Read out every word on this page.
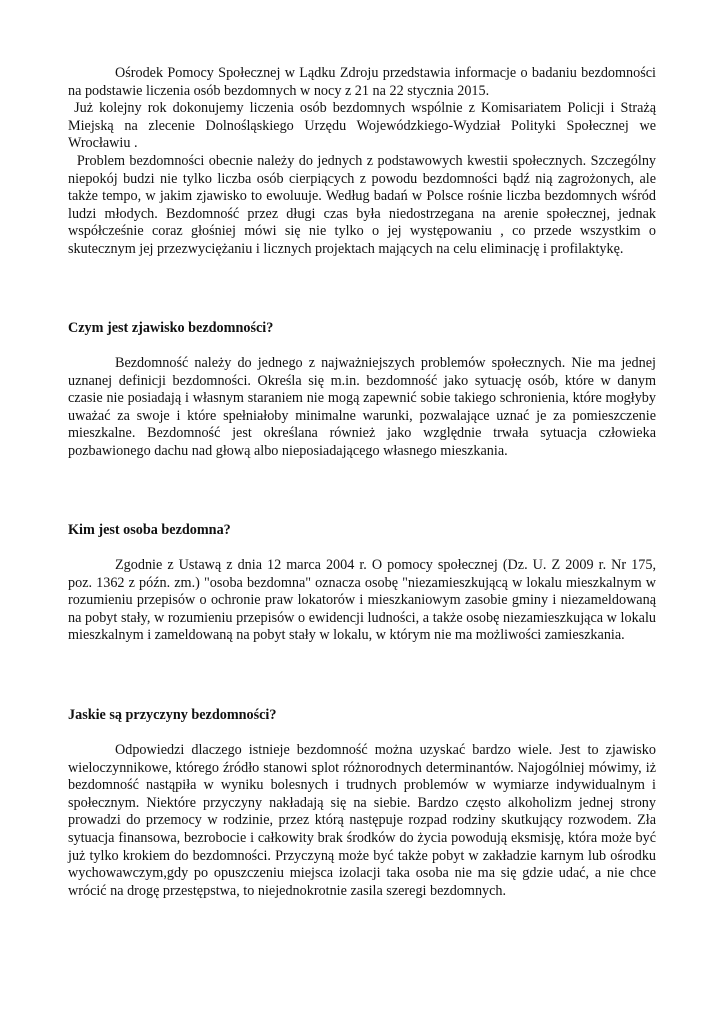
Ośrodek Pomocy Społecznej w Lądku Zdroju przedstawia informacje o badaniu bezdomności na podstawie liczenia osób bezdomnych w nocy z 21 na 22 stycznia 2015.

Już kolejny rok dokonujemy liczenia osób bezdomnych wspólnie z Komisariatem Policji i Strażą Miejską na zlecenie Dolnośląskiego Urzędu Wojewódzkiego-Wydział Polityki Społecznej we Wrocławiu .

Problem bezdomności obecnie należy do jednych z podstawowych kwestii społecznych. Szczególny niepokój budzi nie tylko liczba osób cierpiących z powodu bezdomności bądź nią zagrożonych, ale także tempo, w jakim zjawisko to ewoluuje. Według badań w Polsce rośnie liczba bezdomnych wśród ludzi młodych. Bezdomność przez długi czas była niedostrzegana na arenie społecznej, jednak współcześnie coraz głośniej mówi się nie tylko o jej występowaniu , co przede wszystkim o skutecznym jej przezwyciężaniu i licznych projektach mających na celu eliminację i profilaktykę.

Czym jest zjawisko bezdomności?

Bezdomność należy do jednego z najważniejszych problemów społecznych. Nie ma jednej uznanej definicji bezdomności. Określa się m.in. bezdomność jako sytuację osób, które w danym czasie nie posiadają i własnym staraniem nie mogą zapewnić sobie takiego schronienia, które mogłyby uważać za swoje i które spełniałoby minimalne warunki, pozwalające uznać je za pomieszczenie mieszkalne. Bezdomność jest określana również jako względnie trwała sytuacja człowieka pozbawionego dachu nad głową albo nieposiadającego własnego mieszkania.

Kim jest osoba bezdomna?

Zgodnie z Ustawą z dnia 12 marca 2004 r. O pomocy społecznej (Dz. U. Z 2009 r. Nr 175, poz. 1362 z późn. zm.) "osoba bezdomna" oznacza osobę "niezamieszkującą w lokalu mieszkalnym w rozumieniu przepisów o ochronie praw lokatorów i mieszkaniowym zasobie gminy i niezameldowaną na pobyt stały, w rozumieniu przepisów o ewidencji ludności, a także osobę niezamieszkująca w lokalu mieszkalnym i zameldowaną na pobyt stały w lokalu, w którym nie ma możliwości zamieszkania.

Jaskie są przyczyny bezdomności?

Odpowiedzi dlaczego istnieje bezdomność można uzyskać bardzo wiele. Jest to zjawisko wieloczynnikowe, którego źródło stanowi splot różnorodnych determinantów. Najogólniej mówimy, iż bezdomność nastąpiła w wyniku bolesnych i trudnych problemów w wymiarze indywidualnym i społecznym. Niektóre przyczyny nakładają się na siebie. Bardzo często alkoholizm jednej strony prowadzi do przemocy w rodzinie, przez którą następuje rozpad rodziny skutkujący rozwodem. Zła sytuacja finansowa, bezrobocie i całkowity brak środków do życia powodują eksmisję, która może być już tylko krokiem do bezdomności. Przyczyną może być także pobyt w zakładzie karnym lub ośrodku wychowawczym,gdy po opuszczeniu miejsca izolacji taka osoba nie ma się gdzie udać, a nie chce wrócić na drogę przestępstwa, to niejednokrotnie zasila szeregi bezdomnych.
